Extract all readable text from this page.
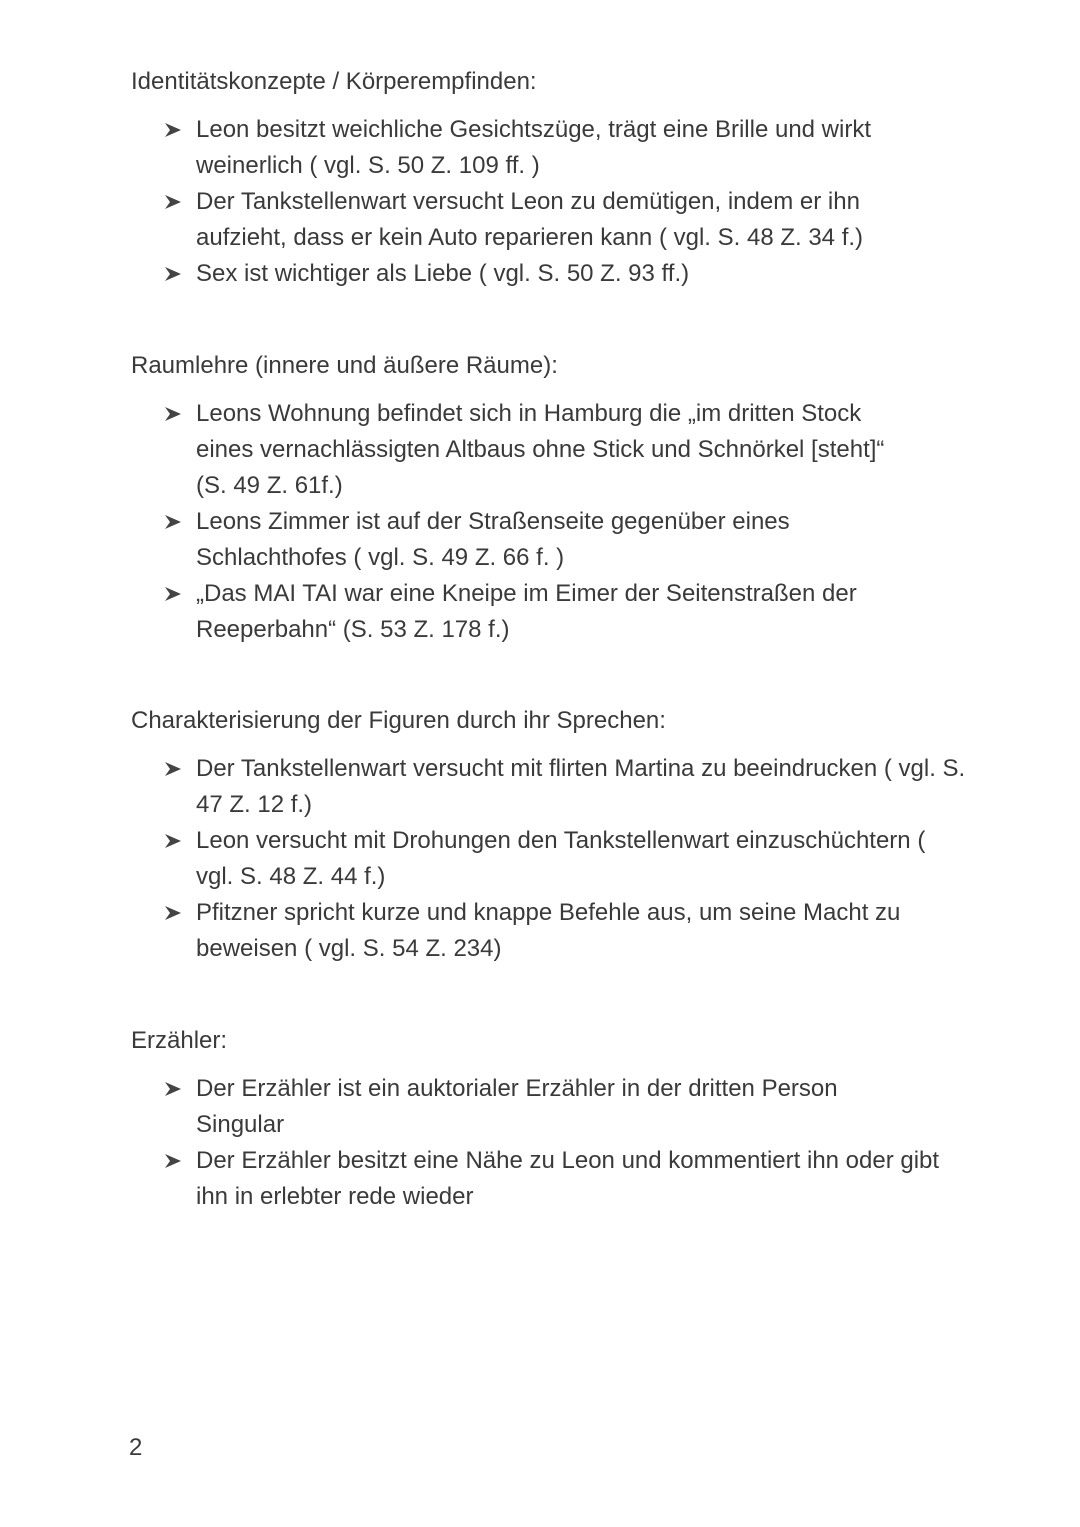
Identitätskonzepte / Körperempfinden:
Leon besitzt weichliche Gesichtszüge, trägt eine Brille und wirkt weinerlich ( vgl. S. 50 Z. 109 ff. )
Der Tankstellenwart versucht Leon zu demütigen, indem er ihn aufzieht, dass er kein Auto reparieren kann ( vgl. S. 48 Z. 34 f.)
Sex ist wichtiger als Liebe ( vgl. S. 50 Z. 93 ff.)
Raumlehre (innere und äußere Räume):
Leons Wohnung befindet sich in Hamburg die „im dritten Stock eines vernachlässigten Altbaus ohne Stick und Schnörkel [steht]“ (S. 49 Z. 61f.)
Leons Zimmer ist auf der Straßenseite gegenüber eines Schlachthofes ( vgl. S. 49 Z. 66 f. )
„Das MAI TAI war eine Kneipe im Eimer der Seitenstraßen der Reeperbahn“ (S. 53 Z. 178 f.)
Charakterisierung der Figuren durch ihr Sprechen:
Der Tankstellenwart versucht mit flirten Martina zu beeindrucken ( vgl. S. 47 Z. 12 f.)
Leon versucht mit Drohungen den Tankstellenwart einzuschüchtern ( vgl. S. 48 Z. 44 f.)
Pfitzner spricht kurze und knappe Befehle aus, um seine Macht zu beweisen ( vgl. S. 54 Z. 234)
Erzähler:
Der Erzähler ist ein auktorialer Erzähler in der dritten Person Singular
Der Erzähler besitzt eine Nähe zu Leon und kommentiert ihn oder gibt ihn in erlebter rede wieder
2
